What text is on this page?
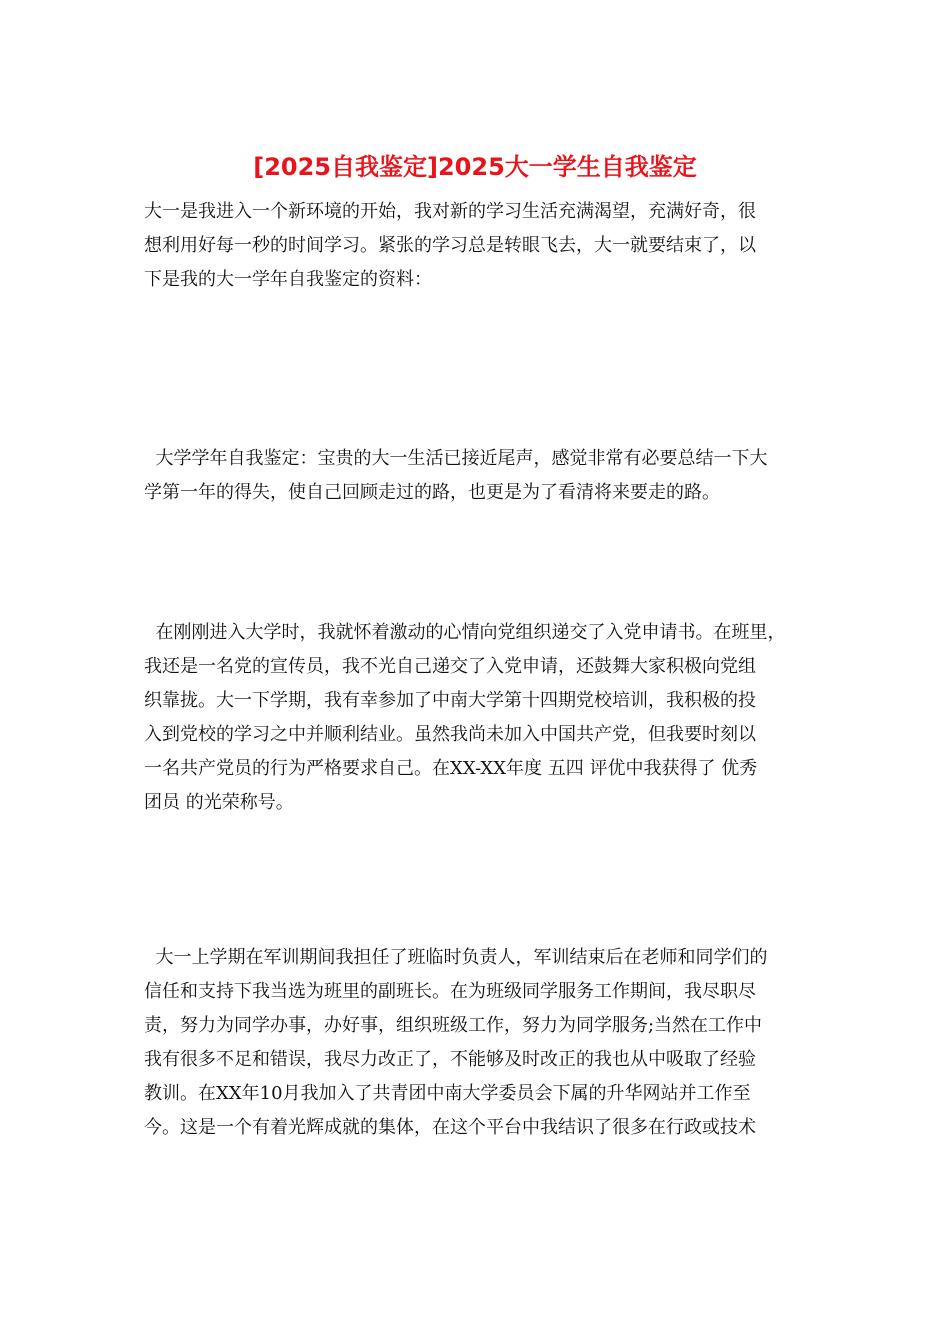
[2025自我鉴定]2025大一学生自我鉴定
大一是我进入一个新环境的开始，我对新的学习生活充满渴望，充满好奇，很
想利用好每一秒的时间学习。紧张的学习总是转眼飞去，大一就要结束了，以
下是我的大一学年自我鉴定的资料：
大学学年自我鉴定：宝贵的大一生活已接近尾声，感觉非常有必要总结一下大
学第一年的得失，使自己回顾走过的路，也更是为了看清将来要走的路。
在刚刚进入大学时，我就怀着激动的心情向党组织递交了入党申请书。在班里，
我还是一名党的宣传员，我不光自己递交了入党申请，还鼓舞大家积极向党组
织靠拢。大一下学期，我有幸参加了中南大学第十四期党校培训，我积极的投
入到党校的学习之中并顺利结业。虽然我尚未加入中国共产党，但我要时刻以
一名共产党员的行为严格要求自己。在XX-XX年度 五四 评优中我获得了 优秀
团员 的光荣称号。
大一上学期在军训期间我担任了班临时负责人，军训结束后在老师和同学们的
信任和支持下我当选为班里的副班长。在为班级同学服务工作期间，我尽职尽
责，努力为同学办事，办好事，组织班级工作，努力为同学服务;当然在工作中
我有很多不足和错误，我尽力改正了，不能够及时改正的我也从中吸取了经验
教训。在XX年10月我加入了共青团中南大学委员会下属的升华网站并工作至
今。这是一个有着光辉成就的集体，在这个平台中我结识了很多在行政或技术
